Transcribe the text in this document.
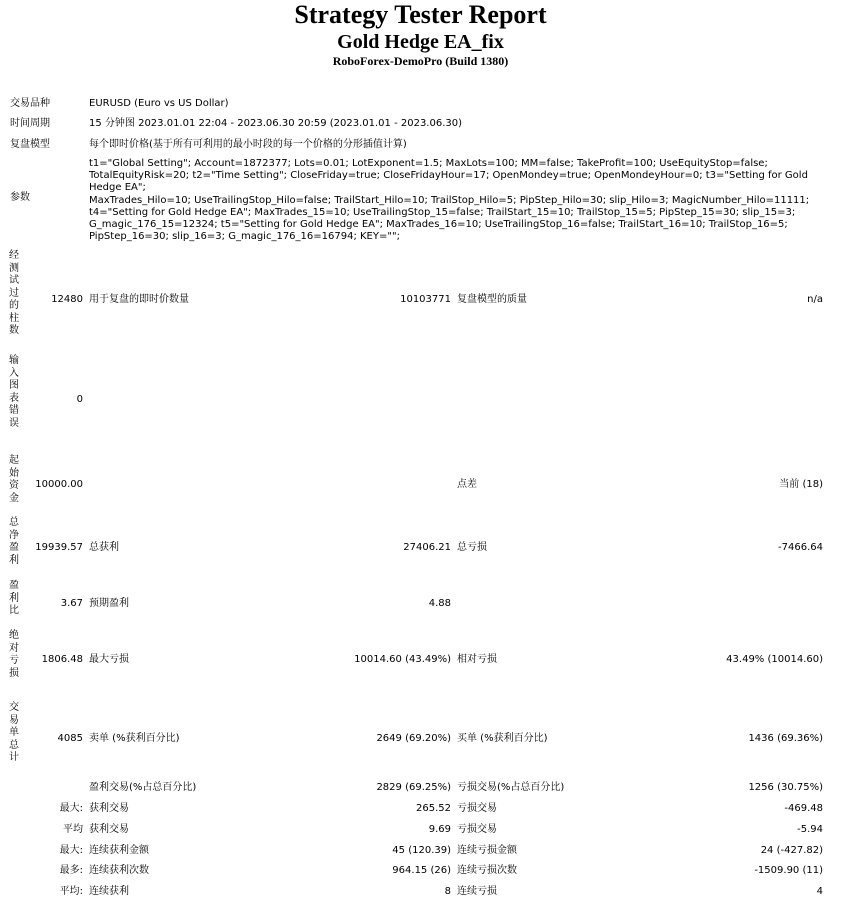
Strategy Tester Report
Gold Hedge EA_fix
RoboForex-DemoPro (Build 1380)
交易品种	EURUSD (Euro vs US Dollar)
时间周期	15 分钟图 2023.01.01 22:04 - 2023.06.30 20:59 (2023.01.01 - 2023.06.30)
复盘模型	每个即时价格(基于所有可利用的最小时段的每一个价格的分形插值计算)
参数
t1="Global Setting"; Account=1872377; Lots=0.01; LotExponent=1.5; MaxLots=100; MM=false; TakeProfit=100; UseEquityStop=false;
TotalEquityRisk=20; t2="Time Setting"; CloseFriday=true; CloseFridayHour=17; OpenMondey=true; OpenMondeyHour=0; t3="Setting for Gold Hedge EA";
MaxTrades_Hilo=10; UseTrailingStop_Hilo=false; TrailStart_Hilo=10; TrailStop_Hilo=5; PipStep_Hilo=30; slip_Hilo=3; MagicNumber_Hilo=11111;
t4="Setting for Gold Hedge EA"; MaxTrades_15=10; UseTrailingStop_15=false; TrailStart_15=10; TrailStop_15=5; PipStep_15=30; slip_15=3;
G_magic_176_15=12324; t5="Setting for Gold Hedge EA"; MaxTrades_16=10; UseTrailingStop_16=false; TrailStart_16=10; TrailStop_16=5;
PipStep_16=30; slip_16=3; G_magic_176_16=16794; KEY="";
经
测
试
过
的
柱
数
12480 用于复盘的即时价数量	10103771 复盘模型的质量	n/a
输
入
图
表
错
误
0
起
始
资
金
10000.00	点差	当前 (18)
总
净
盈
利
19939.57 总获利	27406.21 总亏损	-7466.64
盈
利
比
3.67 预期盈利	4.88
绝
对
亏
损
1806.48 最大亏损	10014.60 (43.49%) 相对亏损	43.49% (10014.60)
交
易
单
总
计
4085 卖单 (%获利百分比)	2649 (69.20%) 买单 (%获利百分比)	1436 (69.36%)
盈利交易(%占总百分比)	2829 (69.25%) 亏损交易(%占总百分比)	1256 (30.75%)
最大: 获利交易	265.52 亏损交易	-469.48
平均 获利交易	9.69 亏损交易	-5.94
最大: 连续获利金额	45 (120.39) 连续亏损金额	24 (-427.82)
最多: 连续获利次数	964.15 (26) 连续亏损次数	-1509.90 (11)
平均: 连续获利	8 连续亏损	4
